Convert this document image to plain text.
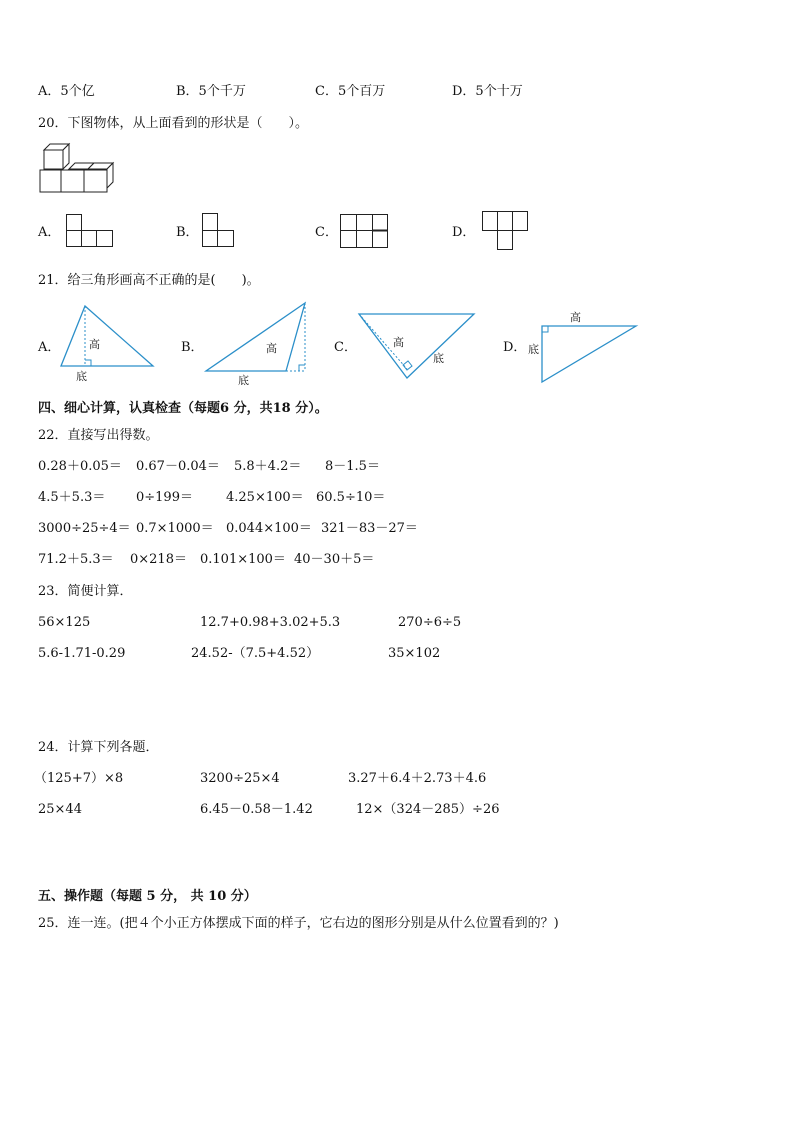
A．5个亿	B．5个千万	C．5个百万	D．5个十万
20．下图物体，从上面看到的形状是（　　）。
A．	B．	C．	D．
21．给三角形画高不正确的是(　　)。
A．	高
底
B．	高
底
C．	高
底
D．
高
底
四、细心计算，认真检查（每题6 分，共18 分）。
22．直接写出得数。
0.28＋0.05＝ 0.67－0.04＝ 5.8＋4.2＝ 8－1.5＝
4.5＋5.3＝ 0÷199＝	4.25×100＝ 60.5÷10＝
3000÷25÷4＝ 0.7×1000＝ 0.044×100＝ 321－83－27＝
71.2＋5.3＝ 0×218＝ 0.101×100＝ 40－30＋5＝
23．简便计算．
56×125	12.7+0.98+3.02+5.3	270÷6÷5
5.6-1.71-0.29	24.52-（7.5+4.52）	35×102
24．计算下列各题．
（125+7）×8	3200÷25×4	3.27＋6.4＋2.73＋4.6
25×44	6.45－0.58－1.42	12×（324－285）÷26
五、操作题（每题 5 分， 共 10 分）
25．连一连。(把４个小正方体摆成下面的样子，它右边的图形分别是从什么位置看到的？)
